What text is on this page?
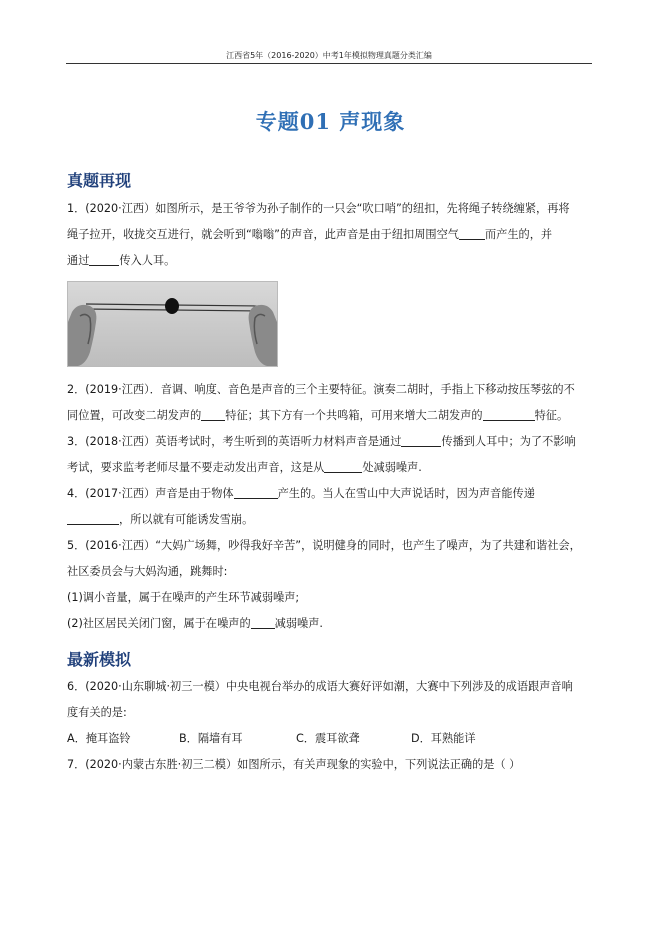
江西省5年（2016-2020）中考1年模拟物理真题分类汇编
专题01 声现象
真题再现
1．(2020·江西）如图所示，是王爷爷为孙子制作的一只会“吹口哨”的纽扣，先将绳子转绕缠紧，再将
绳子拉开，收拢交互进行，就会听到“嗡嗡”的声音，此声音是由于纽扣周围空气 而产生的，并
通过	传入人耳。
2．(2019·江西）．音调、响度、音色是声音的三个主要特征。演奏二胡时，手指上下移动按压琴弦的不
同位置，可改变二胡发声的 特征；其下方有一个共鸣箱，可用来增大二胡发声的	特征。
3．(2018·江西）英语考试时，考生听到的英语听力材料声音是通过	传播到人耳中；为了不影响
考试，要求监考老师尽量不要走动发出声音，这是从	处减弱噪声.
4．(2017·江西）声音是由于物体	产生的。当人在雪山中大声说话时，因为声音能传递
，所以就有可能诱发雪崩。
5．(2016·江西）“大妈广场舞，吵得我好辛苦”，说明健身的同时，也产生了噪声，为了共建和谐社会，
社区委员会与大妈沟通，跳舞时:
(1)调小音量，属于在噪声的产生环节减弱噪声;
(2)社区居民关闭门窗，属于在噪声的 减弱噪声.
最新模拟
6．(2020·山东聊城·初三一模）中央电视台举办的成语大赛好评如潮，大赛中下列涉及的成语跟声音响
度有关的是:
A．掩耳盗铃	B．隔墙有耳	C．震耳欲聋	D．耳熟能详
7．(2020·内蒙古东胜·初三二模）如图所示，有关声现象的实验中，下列说法正确的是（ ）
